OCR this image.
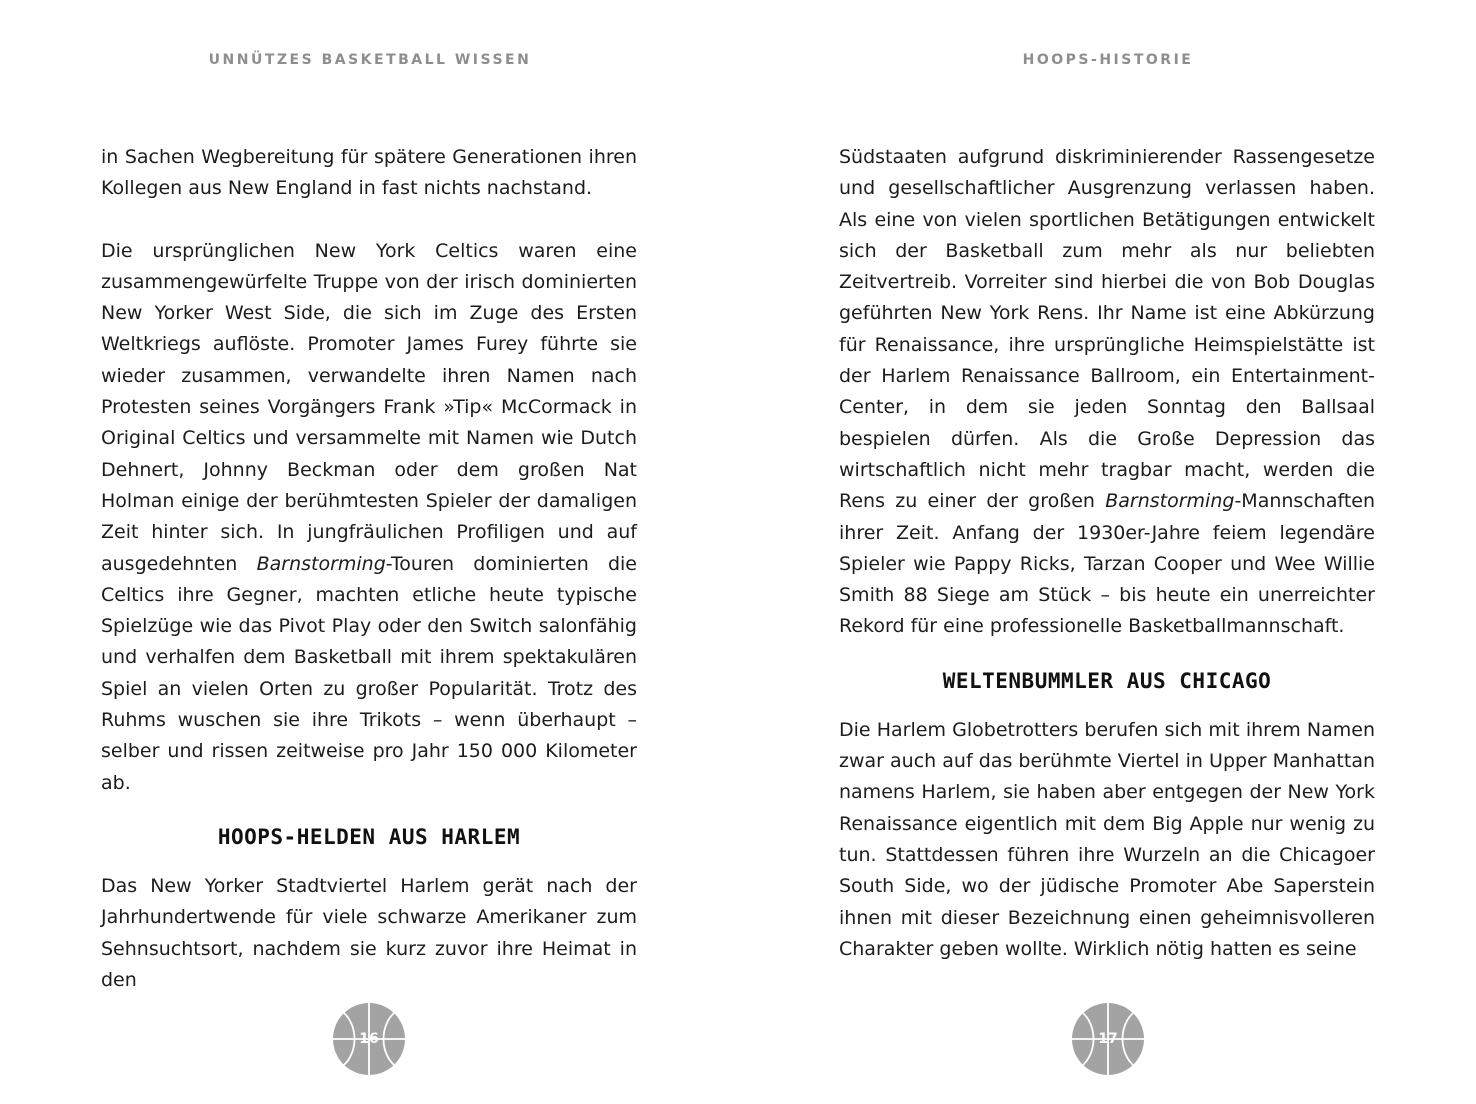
UNNÜTZES BASKETBALL WISSEN

in Sachen Wegbereitung für spätere Generationen ihren Kollegen aus New England in fast nichts nachstand.

Die ursprünglichen New York Celtics waren eine zusammengewürfelte Truppe von der irisch dominierten New Yorker West Side, die sich im Zuge des Ersten Weltkriegs auflöste. Promoter James Furey führte sie wieder zusammen, verwandelte ihren Namen nach Protesten seines Vorgängers Frank »Tip« McCormack in Original Celtics und versammelte mit Namen wie Dutch Dehnert, Johnny Beckman oder dem großen Nat Holman einige der berühmtesten Spieler der damaligen Zeit hinter sich. In jungfräulichen Profiligen und auf ausgedehnten Barnstorming-Touren dominierten die Celtics ihre Gegner, machten etliche heute typische Spielzüge wie das Pivot Play oder den Switch salonfähig und verhalfen dem Basketball mit ihrem spektakulären Spiel an vielen Orten zu großer Popularität. Trotz des Ruhms wuschen sie ihre Trikots – wenn überhaupt – selber und rissen zeitweise pro Jahr 150 000 Kilometer ab.

HOOPS-HELDEN AUS HARLEM

Das New Yorker Stadtviertel Harlem gerät nach der Jahrhundertwende für viele schwarze Amerikaner zum Sehnsuchtsort, nachdem sie kurz zuvor ihre Heimat in den

16
HOOPS-HISTORIE

Südstaaten aufgrund diskriminierender Rassengesetze und gesellschaftlicher Ausgrenzung verlassen haben. Als eine von vielen sportlichen Betätigungen entwickelt sich der Basketball zum mehr als nur beliebten Zeitvertreib. Vorreiter sind hierbei die von Bob Douglas geführten New York Rens. Ihr Name ist eine Abkürzung für Renaissance, ihre ursprüngliche Heimspielstätte ist der Harlem Renaissance Ballroom, ein Entertainment-Center, in dem sie jeden Sonntag den Ballsaal bespielen dürfen. Als die Große Depression das wirtschaftlich nicht mehr tragbar macht, werden die Rens zu einer der großen Barnstorming-Mannschaften ihrer Zeit. Anfang der 1930er-Jahre feiem legendäre Spieler wie Pappy Ricks, Tarzan Cooper und Wee Willie Smith 88 Siege am Stück – bis heute ein unerreichter Rekord für eine professionelle Basketballmannschaft.

WELTENBUMMLER AUS CHICAGO

Die Harlem Globetrotters berufen sich mit ihrem Namen zwar auch auf das berühmte Viertel in Upper Manhattan namens Harlem, sie haben aber entgegen der New York Renaissance eigentlich mit dem Big Apple nur wenig zu tun. Stattdessen führen ihre Wurzeln an die Chicagoer South Side, wo der jüdische Promoter Abe Saperstein ihnen mit dieser Bezeichnung einen geheimnisvolleren Charakter geben wollte. Wirklich nötig hatten es seine

17
